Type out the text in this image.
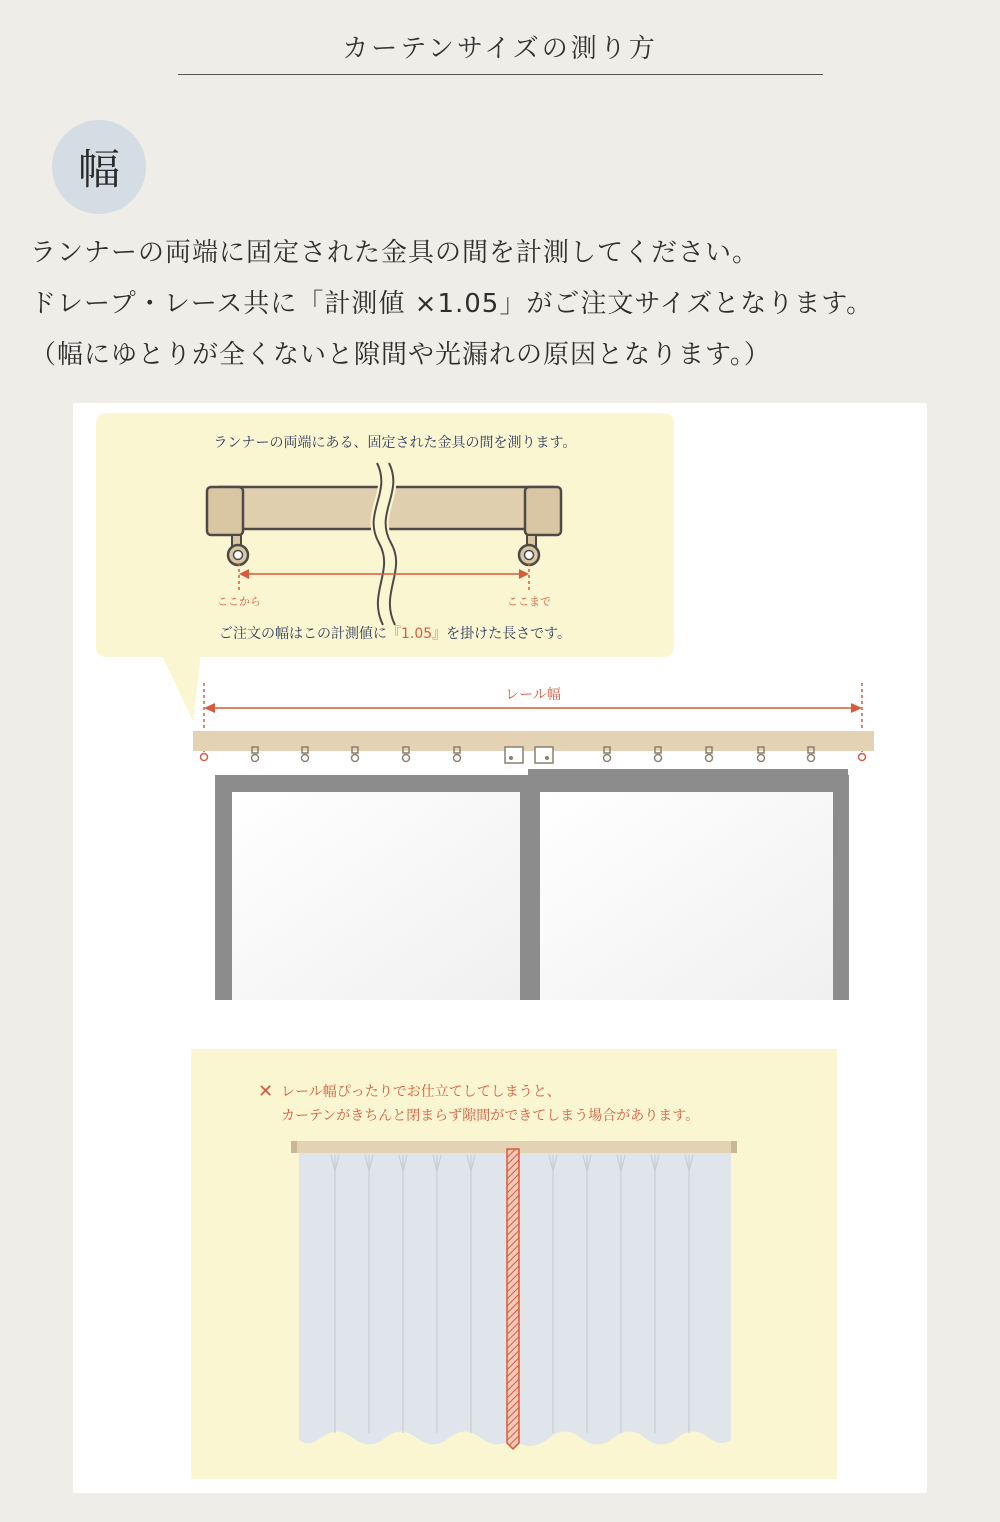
カーテンサイズの測り方
幅

ランナーの両端に固定された金具の間を計測してください。

ドレープ・レース共に「計測値 ×1.05」がご注文サイズとなります。

（幅にゆとりが全くないと隙間や光漏れの原因となります。）

ランナーの両端にある、固定された金具の間を測ります。
ここから	ここまで
ご注文の幅はこの計測値に『1.05』を掛けた長さです。
レール幅
✕ レール幅ぴったりでお仕立てしてしまうと、
カーテンがきちんと閉まらず隙間ができてしまう場合があります。
